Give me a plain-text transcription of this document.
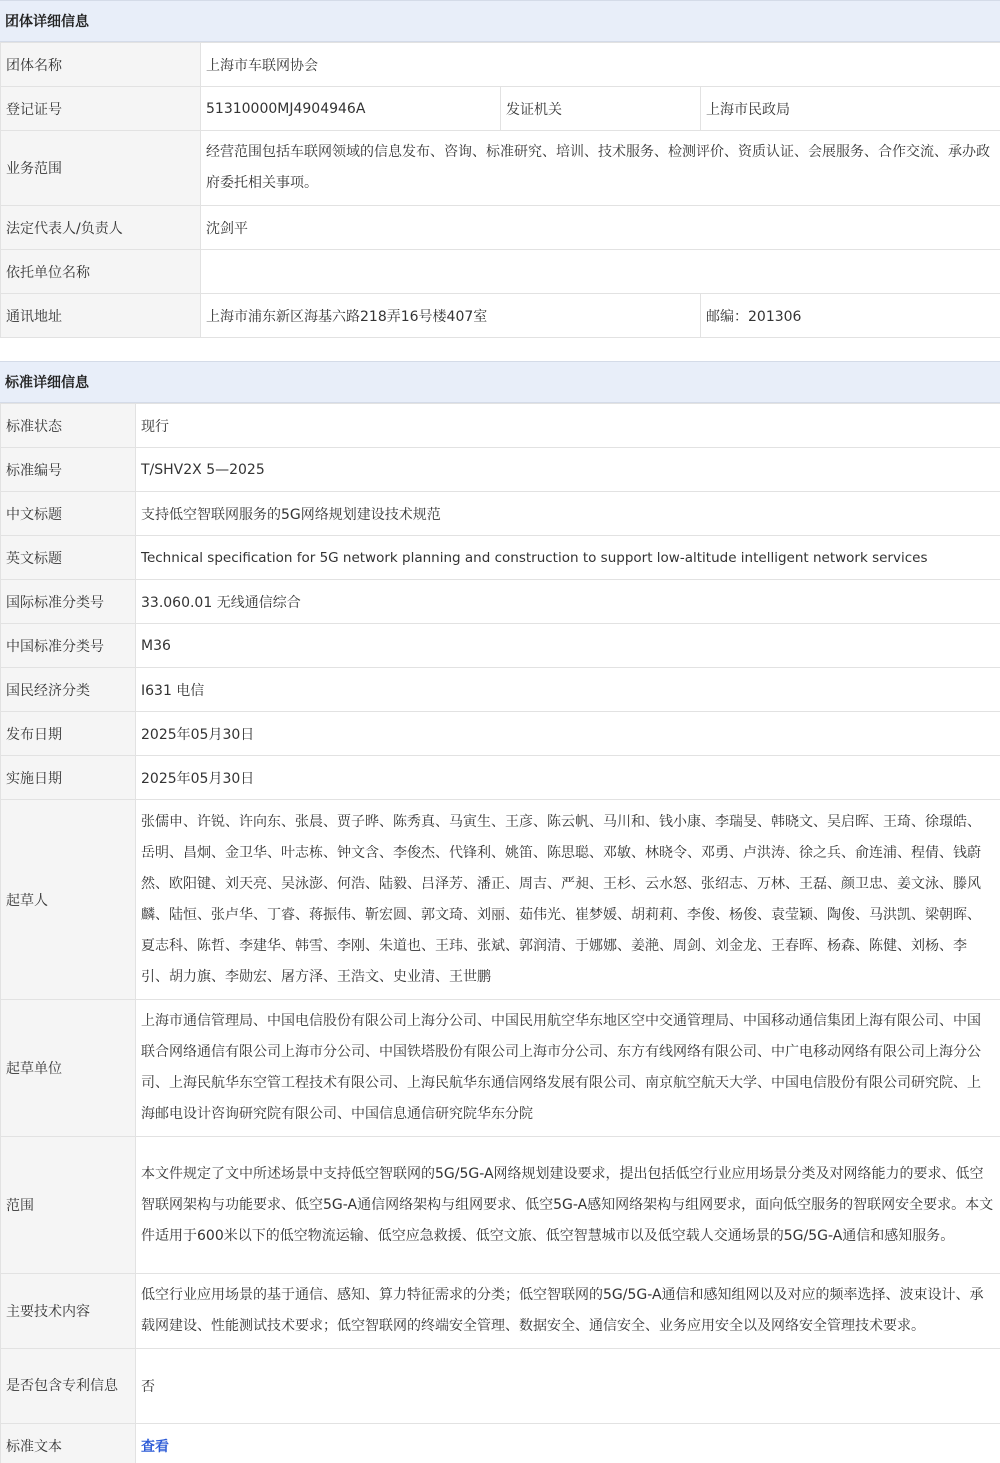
团体详细信息
团体名称	上海市车联网协会		
登记证号	51310000MJ4904946A	发证机关	上海市民政局
业务范围	经营范围包括车联网领域的信息发布、咨询、标准研究、培训、技术服务、检测评价、资质认证、会展服务、合作交流、承办政府委托相关事项。		
法定代表人/负责人	沈剑平		
依托单位名称			
通讯地址	上海市浦东新区海基六路218弄16号楼407室		邮编：201306
标准详细信息
标准状态	现行
标准编号	T/SHV2X 5—2025
中文标题	支持低空智联网服务的5G网络规划建设技术规范
英文标题	Technical specification for 5G network planning and construction to support low-altitude intelligent network services
国际标准分类号	33.060.01 无线通信综合
中国标准分类号	M36
国民经济分类	I631 电信
发布日期	2025年05月30日
实施日期	2025年05月30日
起草人	张儒申、许锐、许向东、张晨、贾子晔、陈秀真、马寅生、王彦、陈云帆、马川和、钱小康、李瑞旻、韩晓文、吴启晖、王琦、徐璟皓、岳明、昌炯、金卫华、叶志栋、钟文含、李俊杰、代锋利、姚笛、陈思聪、邓敏、林晓令、邓勇、卢洪涛、徐之兵、俞连浦、程倩、钱蔚然、欧阳键、刘天亮、吴泳澎、何浩、陆毅、吕泽芳、潘正、周吉、严昶、王杉、云水怒、张绍志、万林、王磊、颜卫忠、姜文泳、滕风麟、陆恒、张卢华、丁睿、蒋振伟、靳宏圆、郭文琦、刘丽、茹伟光、崔梦媛、胡莉莉、李俊、杨俊、袁莹颖、陶俊、马洪凯、梁朝晖、夏志科、陈哲、李建华、韩雪、李刚、朱道也、王玮、张斌、郭润清、于娜娜、姜滟、周剑、刘金龙、王春晖、杨森、陈健、刘杨、李引、胡力旗、李勋宏、屠方泽、王浩文、史业清、王世鹏
起草单位	上海市通信管理局、中国电信股份有限公司上海分公司、中国民用航空华东地区空中交通管理局、中国移动通信集团上海有限公司、中国联合网络通信有限公司上海市分公司、中国铁塔股份有限公司上海市分公司、东方有线网络有限公司、中广电移动网络有限公司上海分公司、上海民航华东空管工程技术有限公司、上海民航华东通信网络发展有限公司、南京航空航天大学、中国电信股份有限公司研究院、上海邮电设计咨询研究院有限公司、中国信息通信研究院华东分院
范围	本文件规定了文中所述场景中支持低空智联网的5G/5G-A网络规划建设要求，提出包括低空行业应用场景分类及对网络能力的要求、低空智联网架构与功能要求、低空5G-A通信网络架构与组网要求、低空5G-A感知网络架构与组网要求，面向低空服务的智联网安全要求。本文件适用于600米以下的低空物流运输、低空应急救援、低空文旅、低空智慧城市以及低空载人交通场景的5G/5G-A通信和感知服务。
主要技术内容	低空行业应用场景的基于通信、感知、算力特征需求的分类；低空智联网的5G/5G-A通信和感知组网以及对应的频率选择、波束设计、承载网建设、性能测试技术要求；低空智联网的终端安全管理、数据安全、通信安全、业务应用安全以及网络安全管理技术要求。
是否包含专利信息	否
标准文本	查看
